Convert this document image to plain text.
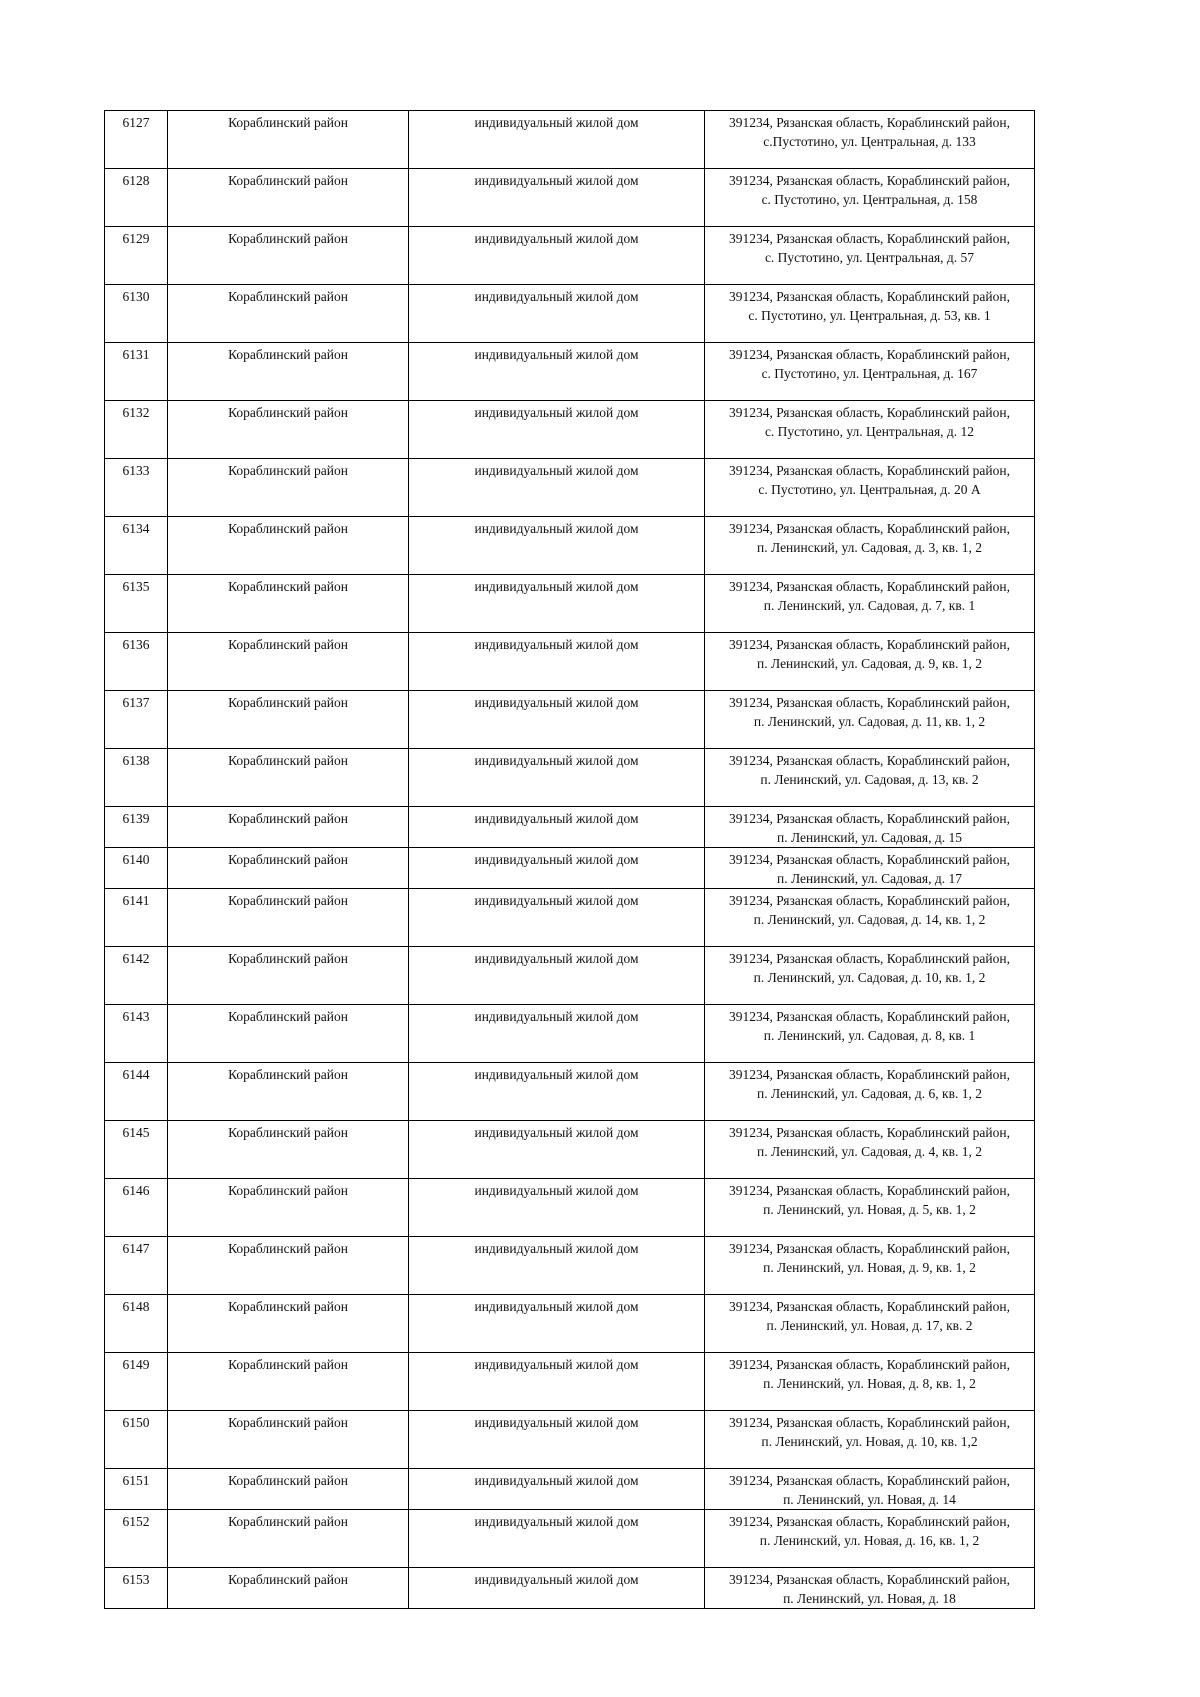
6127	Кораблинский район	индивидуальный жилой дом	391234, Рязанская область, Кораблинский район,
с.Пустотино, ул. Центральная, д. 133

6128	Кораблинский район	индивидуальный жилой дом	391234, Рязанская область, Кораблинский район,
с. Пустотино, ул. Центральная, д. 158

6129	Кораблинский район	индивидуальный жилой дом	391234, Рязанская область, Кораблинский район,
с. Пустотино, ул. Центральная, д. 57

6130	Кораблинский район	индивидуальный жилой дом	391234, Рязанская область, Кораблинский район,
с. Пустотино, ул. Центральная, д. 53, кв. 1

6131	Кораблинский район	индивидуальный жилой дом	391234, Рязанская область, Кораблинский район,
с. Пустотино, ул. Центральная, д. 167

6132	Кораблинский район	индивидуальный жилой дом	391234, Рязанская область, Кораблинский район,
с. Пустотино, ул. Центральная, д. 12

6133	Кораблинский район	индивидуальный жилой дом	391234, Рязанская область, Кораблинский район,
с. Пустотино, ул. Центральная, д. 20 А

6134	Кораблинский район	индивидуальный жилой дом	391234, Рязанская область, Кораблинский район,
п. Ленинский, ул. Садовая, д. 3, кв. 1, 2

6135	Кораблинский район	индивидуальный жилой дом	391234, Рязанская область, Кораблинский район,
п. Ленинский, ул. Садовая, д. 7, кв. 1

6136	Кораблинский район	индивидуальный жилой дом	391234, Рязанская область, Кораблинский район,
п. Ленинский, ул. Садовая, д. 9, кв. 1, 2

6137	Кораблинский район	индивидуальный жилой дом	391234, Рязанская область, Кораблинский район,
п. Ленинский, ул. Садовая, д. 11, кв. 1, 2

6138	Кораблинский район	индивидуальный жилой дом	391234, Рязанская область, Кораблинский район,
п. Ленинский, ул. Садовая, д. 13, кв. 2

6139	Кораблинский район	индивидуальный жилой дом	391234, Рязанская область, Кораблинский район,
п. Ленинский, ул. Садовая, д. 15

6140	Кораблинский район	индивидуальный жилой дом	391234, Рязанская область, Кораблинский район,
п. Ленинский, ул. Садовая, д. 17

6141	Кораблинский район	индивидуальный жилой дом	391234, Рязанская область, Кораблинский район,
п. Ленинский, ул. Садовая, д. 14, кв. 1, 2

6142	Кораблинский район	индивидуальный жилой дом	391234, Рязанская область, Кораблинский район,
п. Ленинский, ул. Садовая, д. 10, кв. 1, 2

6143	Кораблинский район	индивидуальный жилой дом	391234, Рязанская область, Кораблинский район,
п. Ленинский, ул. Садовая, д. 8, кв. 1

6144	Кораблинский район	индивидуальный жилой дом	391234, Рязанская область, Кораблинский район,
п. Ленинский, ул. Садовая, д. 6, кв. 1, 2

6145	Кораблинский район	индивидуальный жилой дом	391234, Рязанская область, Кораблинский район,
п. Ленинский, ул. Садовая, д. 4, кв. 1, 2

6146	Кораблинский район	индивидуальный жилой дом	391234, Рязанская область, Кораблинский район,
п. Ленинский, ул. Новая, д. 5, кв. 1, 2

6147	Кораблинский район	индивидуальный жилой дом	391234, Рязанская область, Кораблинский район,
п. Ленинский, ул. Новая, д. 9, кв. 1, 2

6148	Кораблинский район	индивидуальный жилой дом	391234, Рязанская область, Кораблинский район,
п. Ленинский, ул. Новая, д. 17, кв. 2

6149	Кораблинский район	индивидуальный жилой дом	391234, Рязанская область, Кораблинский район,
п. Ленинский, ул. Новая, д. 8, кв. 1, 2

6150	Кораблинский район	индивидуальный жилой дом	391234, Рязанская область, Кораблинский район,
п. Ленинский, ул. Новая, д. 10, кв. 1,2

6151	Кораблинский район	индивидуальный жилой дом	391234, Рязанская область, Кораблинский район,
п. Ленинский, ул. Новая, д. 14

6152	Кораблинский район	индивидуальный жилой дом	391234, Рязанская область, Кораблинский район,
п. Ленинский, ул. Новая, д. 16, кв. 1, 2

6153	Кораблинский район	индивидуальный жилой дом	391234, Рязанская область, Кораблинский район,
п. Ленинский, ул. Новая, д. 18
